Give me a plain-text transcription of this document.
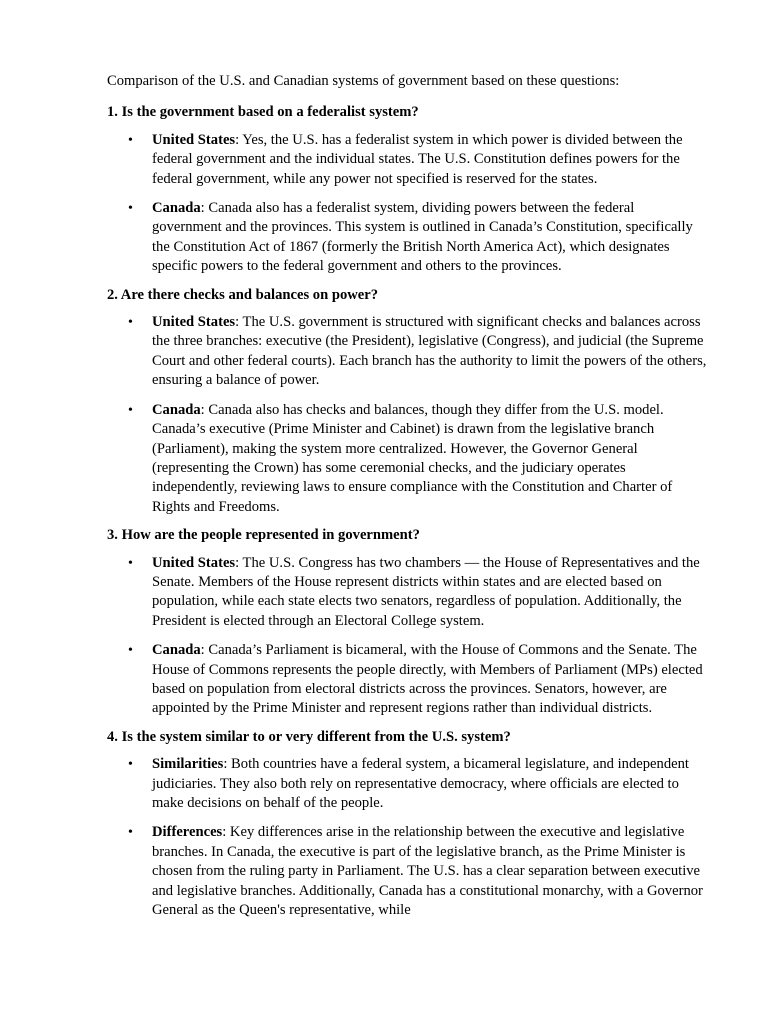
Comparison of the U.S. and Canadian systems of government based on these questions:

1. Is the government based on a federalist system?

• United States: Yes, the U.S. has a federalist system in which power is divided between the federal government and the individual states. The U.S. Constitution defines powers for the federal government, while any power not specified is reserved for the states.
• Canada: Canada also has a federalist system, dividing powers between the federal government and the provinces. This system is outlined in Canada’s Constitution, specifically the Constitution Act of 1867 (formerly the British North America Act), which designates specific powers to the federal government and others to the provinces.

2. Are there checks and balances on power?

• United States: The U.S. government is structured with significant checks and balances across the three branches: executive (the President), legislative (Congress), and judicial (the Supreme Court and other federal courts). Each branch has the authority to limit the powers of the others, ensuring a balance of power.
• Canada: Canada also has checks and balances, though they differ from the U.S. model. Canada’s executive (Prime Minister and Cabinet) is drawn from the legislative branch (Parliament), making the system more centralized. However, the Governor General (representing the Crown) has some ceremonial checks, and the judiciary operates independently, reviewing laws to ensure compliance with the Constitution and Charter of Rights and Freedoms.

3. How are the people represented in government?

• United States: The U.S. Congress has two chambers — the House of Representatives and the Senate. Members of the House represent districts within states and are elected based on population, while each state elects two senators, regardless of population. Additionally, the President is elected through an Electoral College system.
• Canada: Canada’s Parliament is bicameral, with the House of Commons and the Senate. The House of Commons represents the people directly, with Members of Parliament (MPs) elected based on population from electoral districts across the provinces. Senators, however, are appointed by the Prime Minister and represent regions rather than individual districts.

4. Is the system similar to or very different from the U.S. system?

• Similarities: Both countries have a federal system, a bicameral legislature, and independent judiciaries. They also both rely on representative democracy, where officials are elected to make decisions on behalf of the people.
• Differences: Key differences arise in the relationship between the executive and legislative branches. In Canada, the executive is part of the legislative branch, as the Prime Minister is chosen from the ruling party in Parliament. The U.S. has a clear separation between executive and legislative branches. Additionally, Canada has a constitutional monarchy, with a Governor General as the Queen's representative, while
